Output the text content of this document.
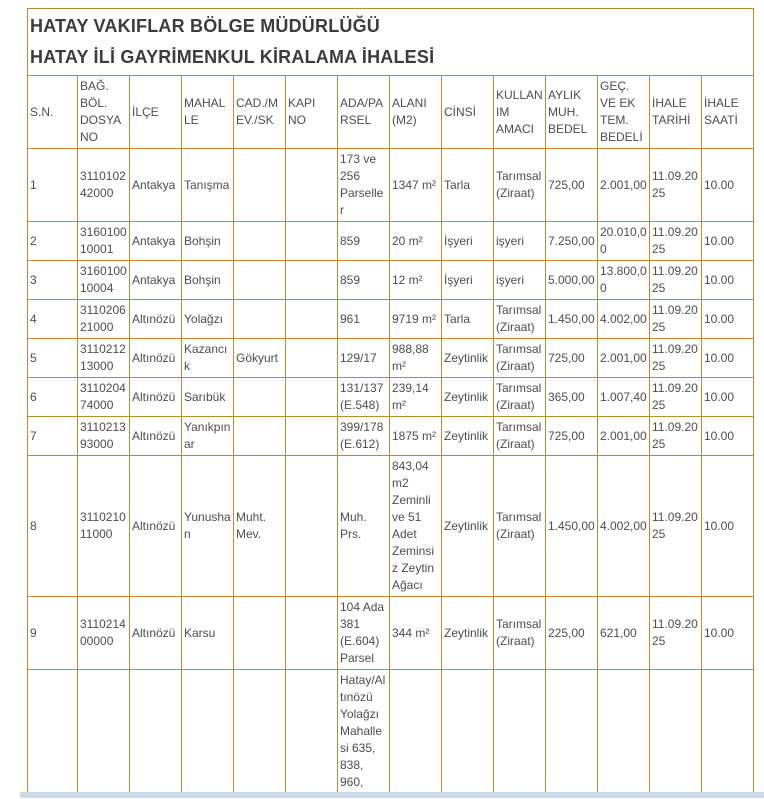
HATAY VAKIFLAR BÖLGE MÜDÜRLÜĞÜ
HATAY İLİ GAYRİMENKUL KİRALAMA İHALESİ													

S.N.	BAĞ. BÖL. DOSYA NO	İLÇE	MAHALLE	CAD./MEV./SK	KAPI NO	ADA/PARSEL	ALANI (M2)	CİNSİ	KULLANIM AMACI	AYLIK MUH. BEDEL	GEÇ. VE EK TEM. BEDELİ	İHALE TARİHİ	İHALE SAATİ
1	311010242000	Antakya	Tanışma			173 ve 256 Parseller	1347 m²	Tarla	Tarımsal (Ziraat)	725,00	2.001,00	11.09.2025	10.00
2	316010010001	Antakya	Bohşin			859	20 m²	İşyeri	işyeri	7.250,00	20.010,00	11.09.2025	10.00
3	316010010004	Antakya	Bohşin			859	12 m²	İşyeri	işyeri	5.000,00	13.800,00	11.09.2025	10.00
4	311020621000	Altınözü	Yolağzı			961	9719 m²	Tarla	Tarımsal (Ziraat)	1.450,00	4.002,00	11.09.2025	10.00
5	311021213000	Altınözü	Kazancık	Gökyurt		129/17	988,88 m²	Zeytinlik	Tarımsal (Ziraat)	725,00	2.001,00	11.09.2025	10.00
6	311020474000	Altınözü	Sarıbük			131/137(E.548)	239,14 m²	Zeytinlik	Tarımsal (Ziraat)	365,00	1.007,40	11.09.2025	10.00
7	311021393000	Altınözü	Yanıkpınar			399/178(E.612)	1875 m²	Zeytinlik	Tarımsal (Ziraat)	725,00	2.001,00	11.09.2025	10.00
8	311021011000	Altınözü	Yunushan	Muht. Mev.		Muh. Prs.	843,04 m2 Zeminli ve 51 Adet Zeminsiz Zeytin Ağacı	Zeytinlik	Tarımsal (Ziraat)	1.450,00	4.002,00	11.09.2025	10.00
9	311021400000	Altınözü	Karsu			104 Ada 381 (E.604) Parsel	344 m²	Zeytinlik	Tarımsal (Ziraat)	225,00	621,00	11.09.2025	10.00
						Hatay/Altınözü Yolağzı Mahallesi 635, 838, 960,							
